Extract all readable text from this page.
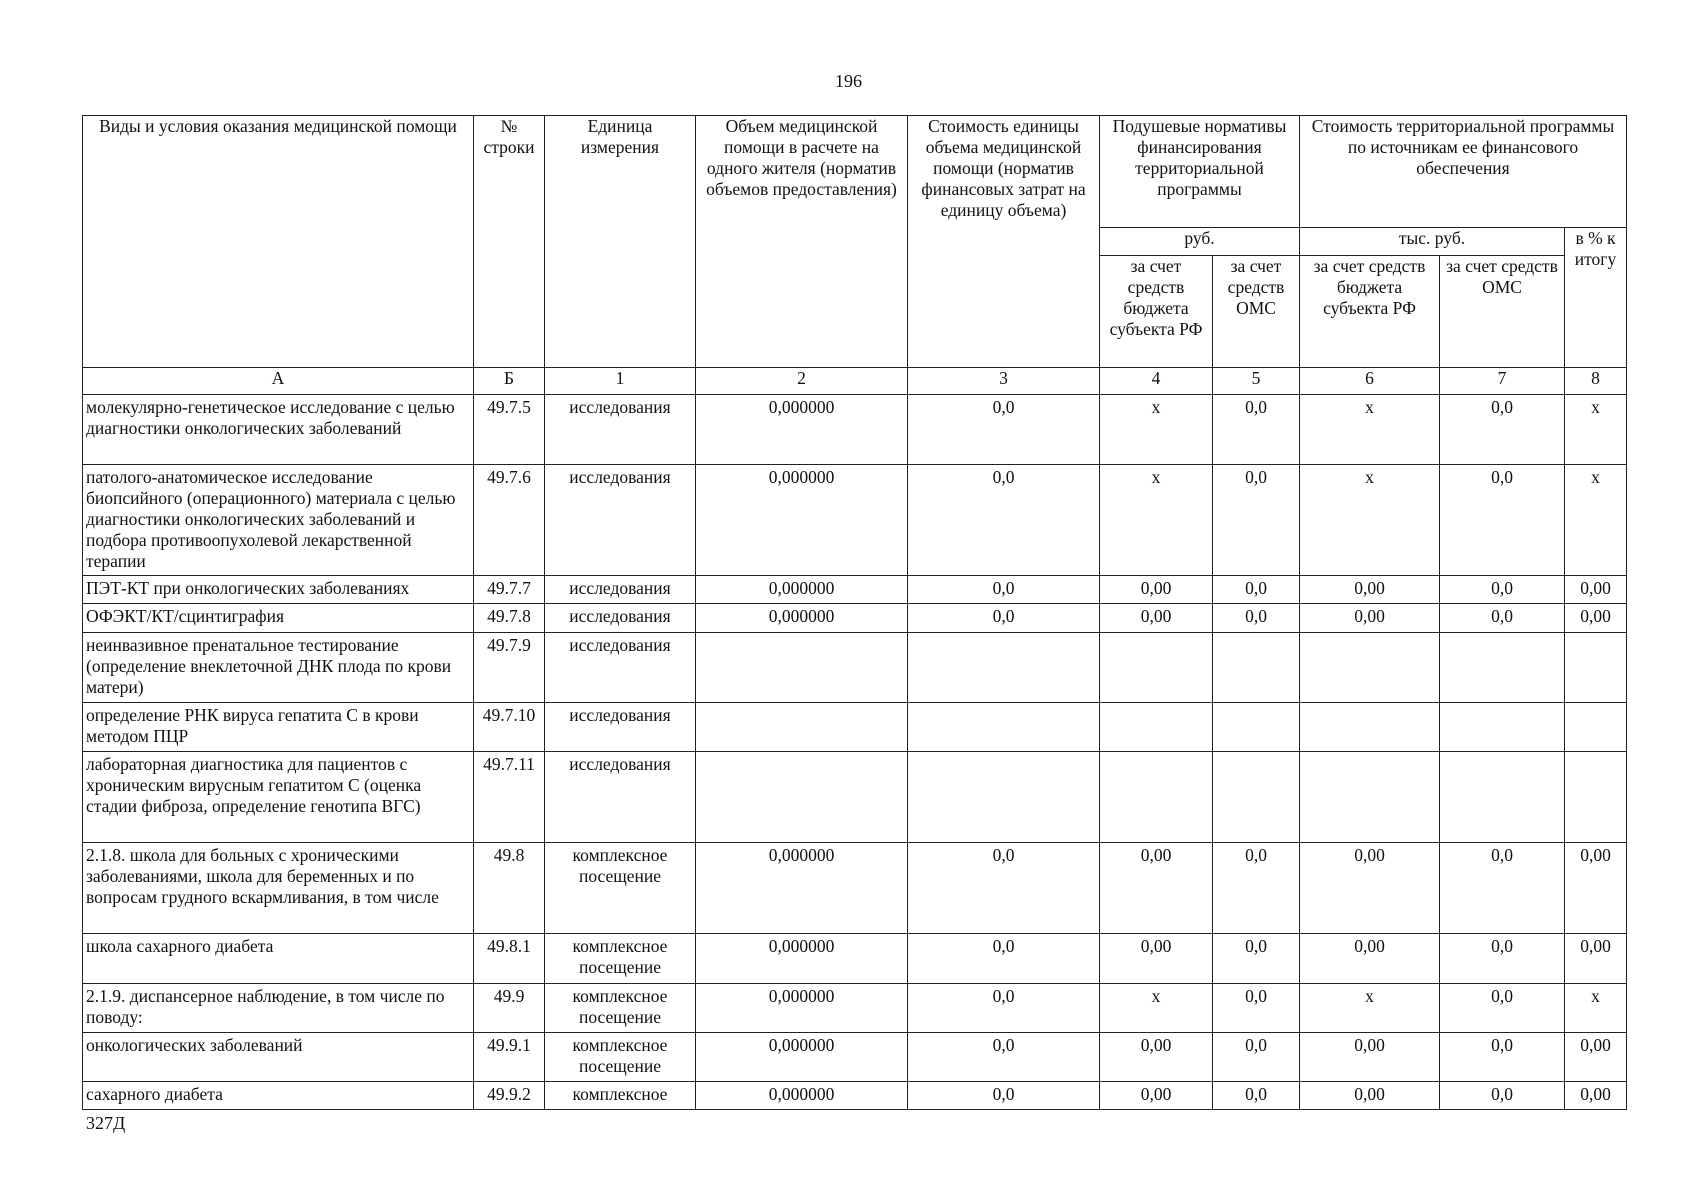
196
Виды и условия оказания медицинской помощи	№ строки	Единица измерения	Объем медицинской помощи в расчете на одного жителя (норматив объемов предоставления)	Стоимость единицы объема медицинской помощи (норматив финансовых затрат на единицу объема)	Подушевые нормативы финансирования территориальной программы		Стоимость территориальной программы по источникам ее финансового обеспечения		
					руб.		тыс. руб.		в % к итогу
					за счет средств бюджета субъекта РФ	за счет средств ОМС	за счет средств бюджета субъекта РФ	за счет средств ОМС	
А	Б	1	2	3	4	5	6	7	8
молекулярно-генетическое исследование с целью диагностики онкологических заболеваний	49.7.5	исследования	0,000000	0,0	х	0,0	х	0,0	х
патолого-анатомическое исследование биопсийного (операционного) материала с целью диагностики онкологических заболеваний и подбора противоопухолевой лекарственной терапии	49.7.6	исследования	0,000000	0,0	х	0,0	х	0,0	х
ПЭТ-КТ при онкологических заболеваниях	49.7.7	исследования	0,000000	0,0	0,00	0,0	0,00	0,0	0,00
ОФЭКТ/КТ/сцинтиграфия	49.7.8	исследования	0,000000	0,0	0,00	0,0	0,00	0,0	0,00
неинвазивное пренатальное тестирование (определение внеклеточной ДНК плода по крови матери)	49.7.9	исследования							
определение РНК вируса гепатита С в крови методом ПЦР	49.7.10	исследования							
лабораторная диагностика для пациентов с хроническим вирусным гепатитом С (оценка стадии фиброза, определение генотипа ВГС)	49.7.11	исследования							
2.1.8. школа для больных с хроническими заболеваниями, школа для беременных и по вопросам грудного вскармливания, в том числе	49.8	комплексное посещение	0,000000	0,0	0,00	0,0	0,00	0,0	0,00
школа сахарного диабета	49.8.1	комплексное посещение	0,000000	0,0	0,00	0,0	0,00	0,0	0,00
2.1.9. диспансерное наблюдение, в том числе по поводу:	49.9	комплексное посещение	0,000000	0,0	х	0,0	х	0,0	х
онкологических заболеваний	49.9.1	комплексное посещение	0,000000	0,0	0,00	0,0	0,00	0,0	0,00
сахарного диабета	49.9.2	комплексное	0,000000	0,0	0,00	0,0	0,00	0,0	0,00
327Д
